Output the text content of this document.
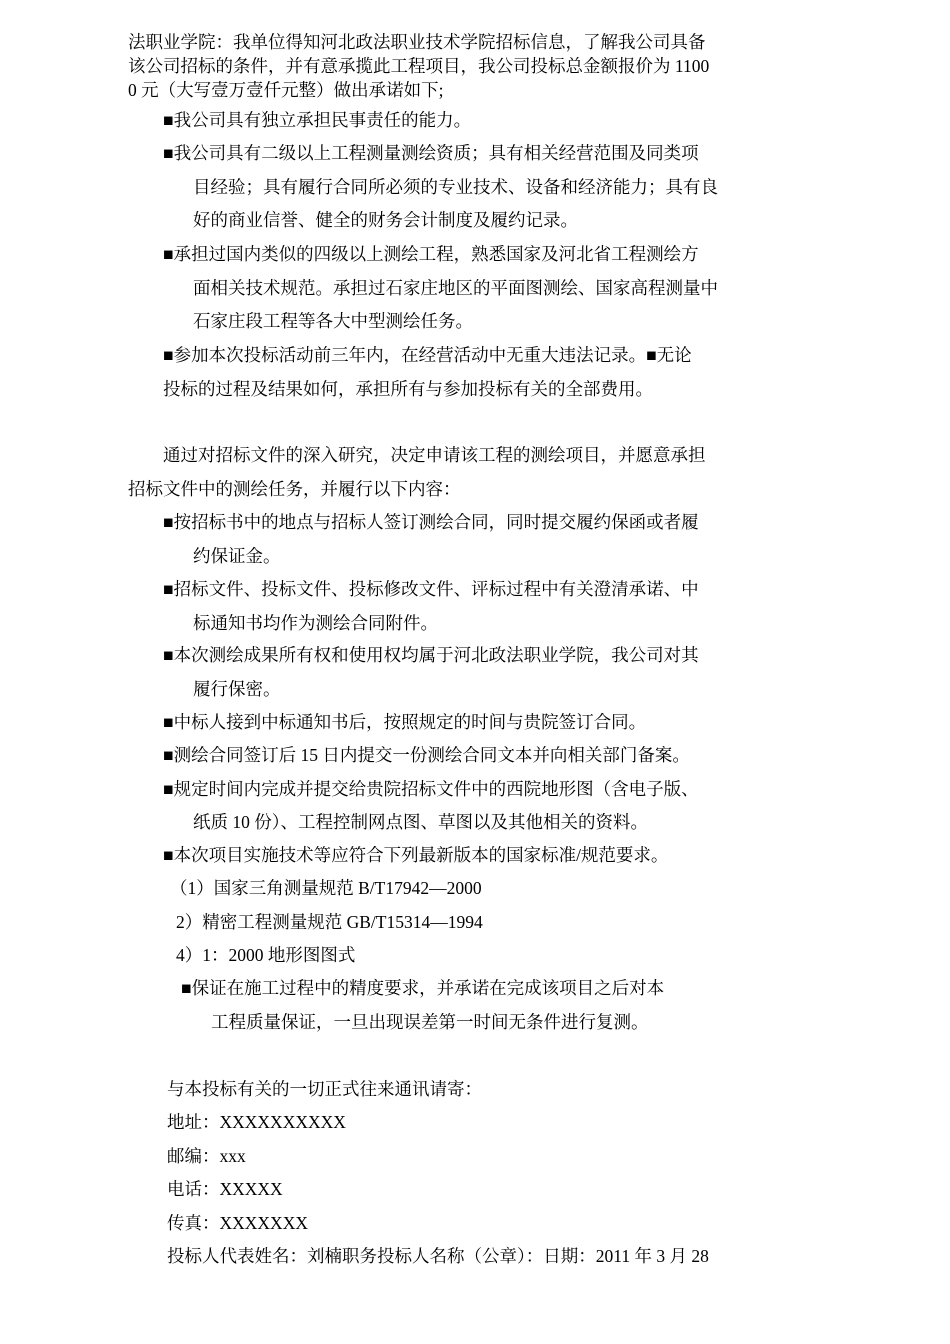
法职业学院：我单位得知河北政法职业技术学院招标信息，了解我公司具备
该公司招标的条件，并有意承揽此工程项目，我公司投标总金额报价为 1100
0 元（大写壹万壹仟元整）做出承诺如下;
■我公司具有独立承担民事责任的能力。
■我公司具有二级以上工程测量测绘资质；具有相关经营范围及同类项
目经验；具有履行合同所必须的专业技术、设备和经济能力；具有良
好的商业信誉、健全的财务会计制度及履约记录。
■承担过国内类似的四级以上测绘工程，熟悉国家及河北省工程测绘方
面相关技术规范。承担过石家庄地区的平面图测绘、国家高程测量中
石家庄段工程等各大中型测绘任务。
■参加本次投标活动前三年内，在经营活动中无重大违法记录。■无论
投标的过程及结果如何，承担所有与参加投标有关的全部费用。
通过对招标文件的深入研究，决定申请该工程的测绘项目，并愿意承担
招标文件中的测绘任务，并履行以下内容：
■按招标书中的地点与招标人签订测绘合同，同时提交履约保函或者履
约保证金。
■招标文件、投标文件、投标修改文件、评标过程中有关澄清承诺、中
标通知书均作为测绘合同附件。
■本次测绘成果所有权和使用权均属于河北政法职业学院，我公司对其
履行保密。
■中标人接到中标通知书后，按照规定的时间与贵院签订合同。
■测绘合同签订后 15 日内提交一份测绘合同文本并向相关部门备案。
■规定时间内完成并提交给贵院招标文件中的西院地形图（含电子版、
纸质 10 份）、工程控制网点图、草图以及其他相关的资料。
■本次项目实施技术等应符合下列最新版本的国家标准/规范要求。
（1）国家三角测量规范 B/T17942—2000
2）精密工程测量规范 GB/T15314—1994
4）1：2000 地形图图式
■保证在施工过程中的精度要求，并承诺在完成该项目之后对本
工程质量保证，一旦出现误差第一时间无条件进行复测。
与本投标有关的一切正式往来通讯请寄：
地址：XXXXXXXXXX
邮编：xxx
电话：XXXXX
传真：XXXXXXX
投标人代表姓名：刘楠职务投标人名称（公章）：日期：2011 年 3 月 28
